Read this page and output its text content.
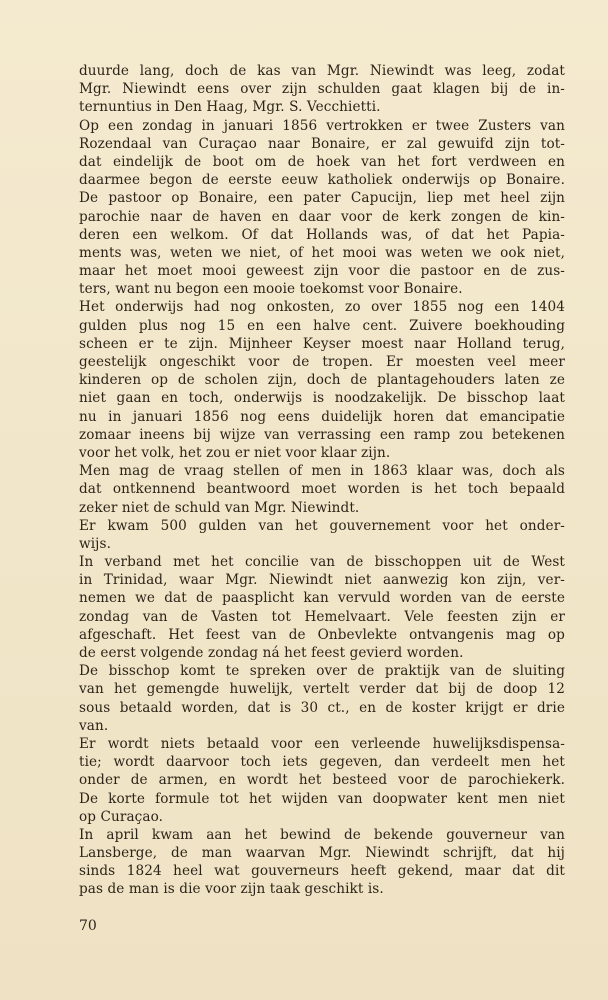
duurde lang, doch de kas van Mgr. Niewindt was leeg, zodat
Mgr. Niewindt eens over zijn schulden gaat klagen bij de in-
ternuntius in Den Haag, Mgr. S. Vecchietti.
Op een zondag in januari 1856 vertrokken er twee Zusters van
Rozendaal van Curaçao naar Bonaire, er zal gewuifd zijn tot-
dat eindelijk de boot om de hoek van het fort verdween en
daarmee begon de eerste eeuw katholiek onderwijs op Bonaire.
De pastoor op Bonaire, een pater Capucijn, liep met heel zijn
parochie naar de haven en daar voor de kerk zongen de kin-
deren een welkom. Of dat Hollands was, of dat het Papia-
ments was, weten we niet, of het mooi was weten we ook niet,
maar het moet mooi geweest zijn voor die pastoor en de zus-
ters, want nu begon een mooie toekomst voor Bonaire.
Het onderwijs had nog onkosten, zo over 1855 nog een 1404
gulden plus nog 15 en een halve cent. Zuivere boekhouding
scheen er te zijn. Mijnheer Keyser moest naar Holland terug,
geestelijk ongeschikt voor de tropen. Er moesten veel meer
kinderen op de scholen zijn, doch de plantagehouders laten ze
niet gaan en toch, onderwijs is noodzakelijk. De bisschop laat
nu in januari 1856 nog eens duidelijk horen dat emancipatie
zomaar ineens bij wijze van verrassing een ramp zou betekenen
voor het volk, het zou er niet voor klaar zijn.
Men mag de vraag stellen of men in 1863 klaar was, doch als
dat ontkennend beantwoord moet worden is het toch bepaald
zeker niet de schuld van Mgr. Niewindt.
Er kwam 500 gulden van het gouvernement voor het onder-
wijs.
In verband met het concilie van de bisschoppen uit de West
in Trinidad, waar Mgr. Niewindt niet aanwezig kon zijn, ver-
nemen we dat de paasplicht kan vervuld worden van de eerste
zondag van de Vasten tot Hemelvaart. Vele feesten zijn er
afgeschaft. Het feest van de Onbevlekte ontvangenis mag op
de eerst volgende zondag ná het feest gevierd worden.
De bisschop komt te spreken over de praktijk van de sluiting
van het gemengde huwelijk, vertelt verder dat bij de doop 12
sous betaald worden, dat is 30 ct., en de koster krijgt er drie
van.
Er wordt niets betaald voor een verleende huwelijksdispensa-
tie; wordt daarvoor toch iets gegeven, dan verdeelt men het
onder de armen, en wordt het besteed voor de parochiekerk.
De korte formule tot het wijden van doopwater kent men niet
op Curaçao.
In april kwam aan het bewind de bekende gouverneur van
Lansberge, de man waarvan Mgr. Niewindt schrijft, dat hij
sinds 1824 heel wat gouverneurs heeft gekend, maar dat dit
pas de man is die voor zijn taak geschikt is.
70
